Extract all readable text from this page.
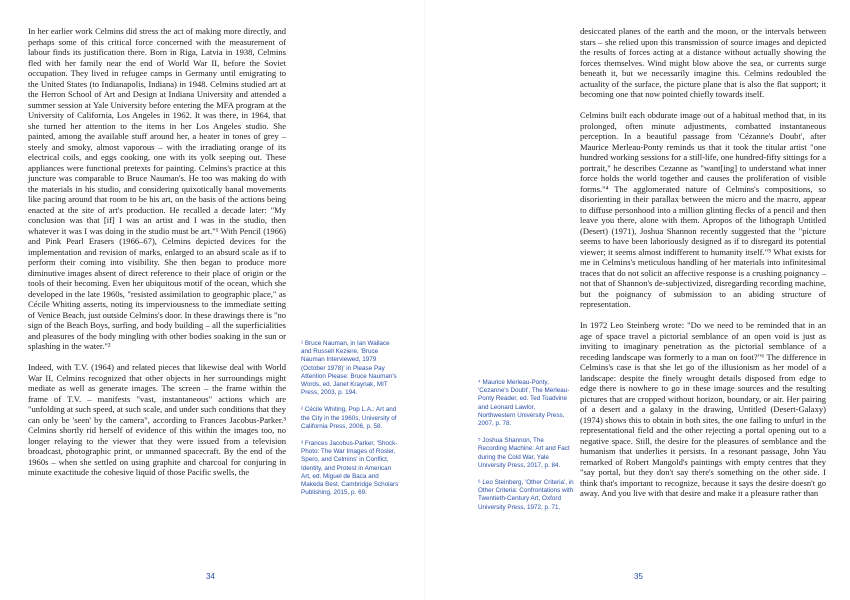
In her earlier work Celmins did stress the act of making more directly, and perhaps some of this critical force concerned with the measurement of labour finds its justification there. Born in Riga, Latvia in 1938, Celmins fled with her family near the end of World War II, before the Soviet occupation. They lived in refugee camps in Germany until emigrating to the United States (to Indianapolis, Indiana) in 1948. Celmins studied art at the Herron School of Art and Design at Indiana University and attended a summer session at Yale University before entering the MFA program at the University of California, Los Angeles in 1962. It was there, in 1964, that she turned her attention to the items in her Los Angeles studio. She painted, among the available stuff around her, a heater in tones of grey – steely and smoky, almost vaporous – with the irradiating orange of its electrical coils, and eggs cooking, one with its yolk seeping out. These appliances were functional pretexts for painting. Celmins's practice at this juncture was comparable to Bruce Nauman's. He too was making do with the materials in his studio, and considering quixotically banal movements like pacing around that room to be his art, on the basis of the actions being enacted at the site of art's production. He recalled a decade later: "My conclusion was that [if] I was an artist and I was in the studio, then whatever it was I was doing in the studio must be art."¹ With Pencil (1966) and Pink Pearl Erasers (1966–67), Celmins depicted devices for the implementation and revision of marks, enlarged to an absurd scale as if to perform their coming into visibility. She then began to produce more diminutive images absent of direct reference to their place of origin or the tools of their becoming. Even her ubiquitous motif of the ocean, which she developed in the late 1960s, "resisted assimilation to geographic place," as Cécile Whiting asserts, noting its imperviousness to the immediate setting of Venice Beach, just outside Celmins's door. In these drawings there is "no sign of the Beach Boys, surfing, and body building – all the superficialities and pleasures of the body mingling with other bodies soaking in the sun or splashing in the water."²

Indeed, with T.V. (1964) and related pieces that likewise deal with World War II, Celmins recognized that other objects in her surroundings might mediate as well as generate images. The screen – the frame within the frame of T.V. – manifests "vast, instantaneous" actions which are "unfolding at such speed, at such scale, and under such conditions that they can only be 'seen' by the camera", according to Frances Jacobus-Parker.³ Celmins shortly rid herself of evidence of this within the images too, no longer relaying to the viewer that they were issued from a television broadcast, photographic print, or unmanned spacecraft. By the end of the 1960s – when she settled on using graphite and charcoal for conjuring in minute exactitude the cohesive liquid of those Pacific swells, the

¹ Bruce Nauman, in Ian Wallace and Russell Keziere, 'Bruce Nauman Interviewed, 1979 (October 1978)' in Please Pay Attention Please: Bruce Nauman's Words, ed. Janet Kraynak, MIT Press, 2003, p. 194.
² Cécile Whiting, Pop L.A.: Art and the City in the 1960s, University of California Press, 2006, p. 58.
³ Frances Jacobus-Parker, 'Shock-Photo: The War Images of Rosler, Spero, and Celmins' in Conflict, Identity, and Protest in American Art, ed. Miguel de Baca and Makeda Best, Cambridge Scholars Publishing, 2015, p. 69.
⁴ Maurice Merleau-Ponty, 'Cezanne's Doubt', The Merleau-Ponty Reader, ed. Ted Toadvine and Leonard Lawlor, Northwestern University Press, 2007, p. 78.
⁵ Joshua Shannon, The Recording Machine: Art and Fact during the Cold War, Yale University Press, 2017, p. 84.
⁶ Leo Steinberg, 'Other Criteria', in Other Criteria: Confrontations with Twentieth-Century Art, Oxford University Press, 1972, p. 71.

desiccated planes of the earth and the moon, or the intervals between stars – she relied upon this transmission of source images and depicted the results of forces acting at a distance without actually showing the forces themselves. Wind might blow above the sea, or currents surge beneath it, but we necessarily imagine this. Celmins redoubled the actuality of the surface, the picture plane that is also the flat support; it becoming one that now pointed chiefly towards itself.

Celmins built each obdurate image out of a habitual method that, in its prolonged, often minute adjustments, combatted instantaneous perception. In a beautiful passage from 'Cézanne's Doubt', after Maurice Merleau-Ponty reminds us that it took the titular artist "one hundred working sessions for a still-life, one hundred-fifty sittings for a portrait," he describes Cezanne as "want[ing] to understand what inner force holds the world together and causes the proliferation of visible forms."⁴ The agglomerated nature of Celmins's compositions, so disorienting in their parallax between the micro and the macro, appear to diffuse personhood into a million glinting flecks of a pencil and then leave you there, alone with them. Apropos of the lithograph Untitled (Desert) (1971), Joshua Shannon recently suggested that the "picture seems to have been laboriously designed as if to disregard its potential viewer; it seems almost indifferent to humanity itself."⁵ What exists for me in Celmins's meticulous handling of her materials into infinitesimal traces that do not solicit an affective response is a crushing poignancy – not that of Shannon's de-subjectivized, disregarding recording machine, but the poignancy of submission to an abiding structure of representation.

In 1972 Leo Steinberg wrote: "Do we need to be reminded that in an age of space travel a pictorial semblance of an open void is just as inviting to imaginary penetration as the pictorial semblance of a receding landscape was formerly to a man on foot?"⁶ The difference in Celmins's case is that she let go of the illusionism as her model of a landscape: despite the finely wrought details disposed from edge to edge there is nowhere to go in these image sources and the resulting pictures that are cropped without horizon, boundary, or air. Her pairing of a desert and a galaxy in the drawing, Untitled (Desert-Galaxy) (1974) shows this to obtain in both sites, the one failing to unfurl in the representational field and the other rejecting a portal opening out to a negative space. Still, the desire for the pleasures of semblance and the humanism that underlies it persists. In a resonant passage, John Yau remarked of Robert Mangold's paintings with empty centres that they "say portal, but they don't say there's something on the other side. I think that's important to recognize, because it says the desire doesn't go away. And you live with that desire and make it a pleasure rather than

34	35
